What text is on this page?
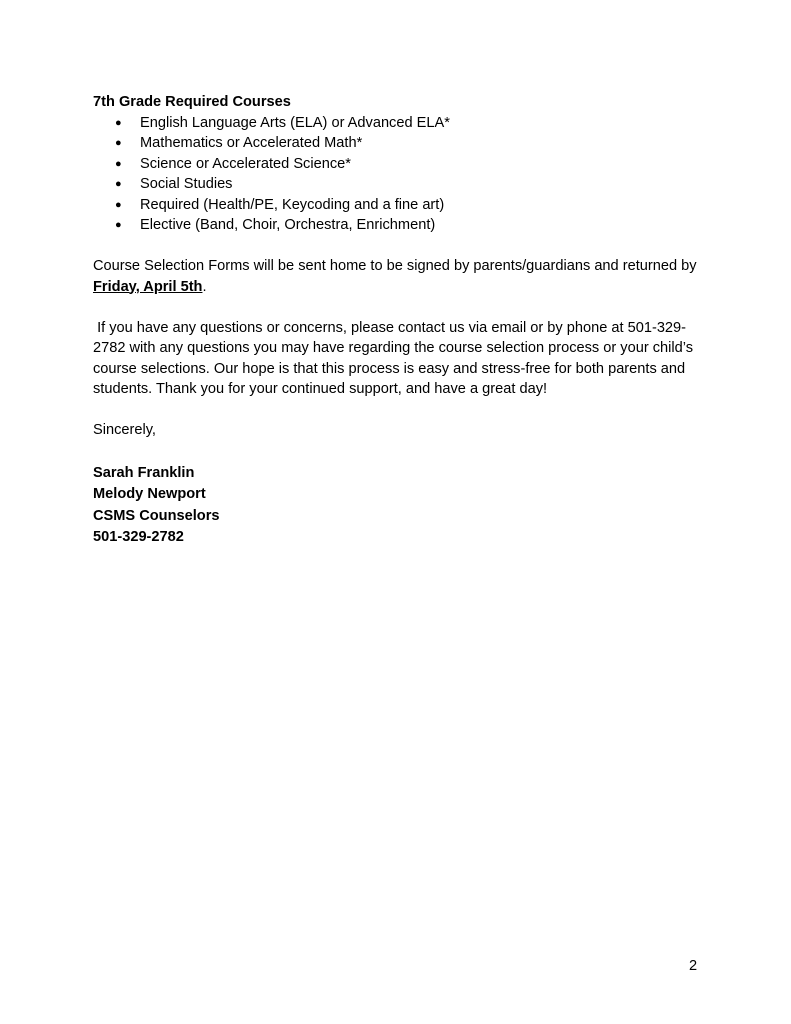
7th Grade Required Courses

● English Language Arts (ELA) or Advanced ELA*
● Mathematics or Accelerated Math*
● Science or Accelerated Science*
● Social Studies
● Required (Health/PE, Keycoding and a fine art)
● Elective (Band, Choir, Orchestra, Enrichment)

Course Selection Forms will be sent home to be signed by parents/guardians and returned by Friday, April 5th.

If you have any questions or concerns, please contact us via email or by phone at 501-329-2782 with any questions you may have regarding the course selection process or your child’s course selections. Our hope is that this process is easy and stress-free for both parents and students. Thank you for your continued support, and have a great day!

Sincerely,

Sarah Franklin

Melody Newport

CSMS Counselors

501-329-2782

2
